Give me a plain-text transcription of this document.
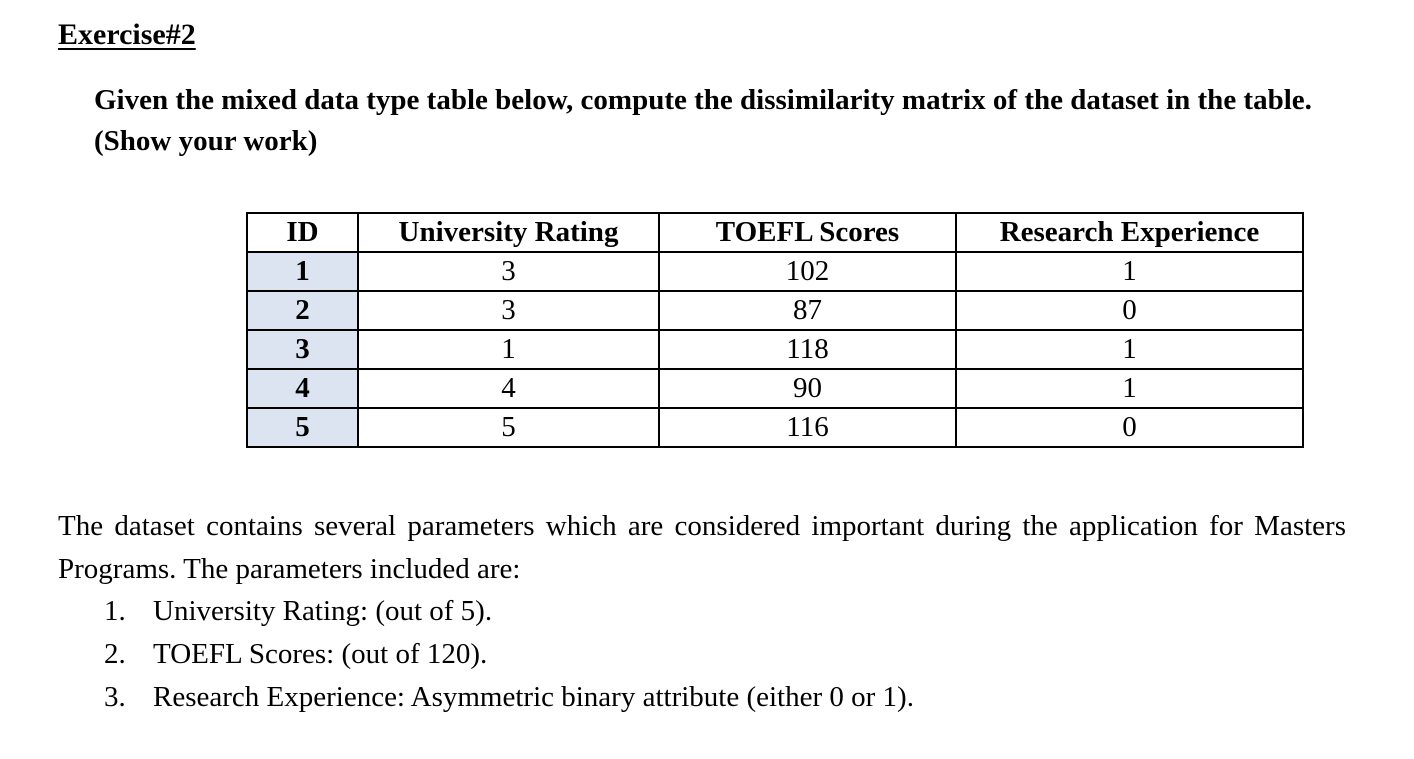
Exercise#2

Given the mixed data type table below, compute the dissimilarity matrix of the dataset in the table. (Show your work)

ID	University Rating	TOEFL Scores	Research Experience
1	3	102	1
2	3	87	0
3	1	118	1
4	4	90	1
5	5	116	0

The dataset contains several parameters which are considered important during the application for Masters Programs. The parameters included are:

1. University Rating: (out of 5).
2. TOEFL Scores: (out of 120).
3. Research Experience: Asymmetric binary attribute (either 0 or 1).
